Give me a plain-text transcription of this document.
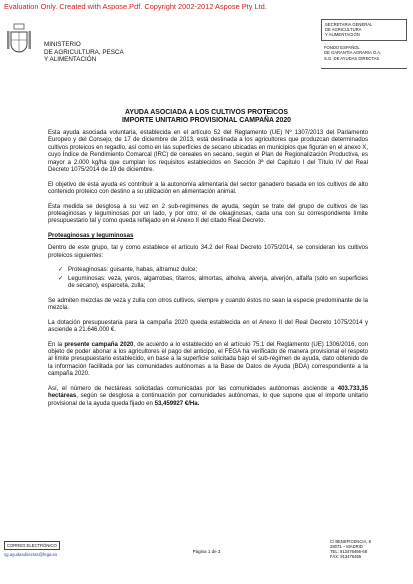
Evaluation Only. Created with Aspose.Pdf. Copyright 2002-2012 Aspose Pty Ltd.
MINISTERIO
DE AGRICULTURA, PESCA
Y ALIMENTACIÓN
SECRETARIA GENERAL
DE AGRICULTURA
Y ALIMENTACIÓN
FONDO ESPAÑOL
DE GARANTÍA AGRARIA O.A.
S.G. DE AYUDAS DIRECTAS
AYUDA ASOCIADA A LOS CULTIVOS PROTEICOS
IMPORTE UNITARIO PROVISIONAL CAMPAÑA 2020

Esta ayuda asociada voluntaria, establecida en el artículo 52 del Reglamento (UE) Nº 1307/2013 del Parlamento Europeo y del Consejo, de 17 de diciembre de 2013, está destinada a los agricultores que produzcan determinados cultivos proteicos en regadío, así como en las superficies de secano ubicadas en municipios que figuran en el anexo X, cuyo Índice de Rendimiento Comarcal (IRC) de cereales en secano, según el Plan de Regionalización Productiva, es mayor a 2.000 kg/ha que cumplan los requisitos establecidos en Sección 3ª del Capítulo I del Título IV del Real Decreto 1075/2014 de 19 de diciembre.

El objetivo de esta ayuda es contribuir a la autonomía alimentaria del sector ganadero basada en los cultivos de alto contenido proteico con destino a su utilización en alimentación animal.

Esta medida se desglosa a su vez en 2 sub-regímenes de ayuda, según se trate del grupo de cultivos de las proteaginosas y leguminosas por un lado, y por otro, el de oleaginosas, cada una con su correspondiente límite presupuestario tal y como queda reflejado en el Anexo II del citado Real Decreto.

Proteaginosas y leguminosas

Dentro de este grupo, tal y como establece el artículo 34.2 del Real Decreto 1075/2014, se consideran los cultivos proteicos siguientes:

✓ Proteaginosas: guisante, habas, altramuz dulce;
✓ Leguminosas: veza, yeros, algarrobas, titarros, almortas, alholva, alverja, alverjón, alfalfa (sólo en superficies de secano), esparceta, zulla;

Se admiten mezclas de veza y zulla con otros cultivos, siempre y cuando éstos no sean la especie predominante de la mezcla.

La dotación presupuestaria para la campaña 2020 queda establecida en el Anexo II del Real Decreto 1075/2014 y asciende a 21.646.000 €.

En la presente campaña 2020, de acuerdo a lo establecido en el artículo 75.1 del Reglamento (UE) 1306/2016, con objeto de poder abonar a los agricultores el pago del anticipo, el FEGA ha verificado de manera provisional el respeto al límite presupuestario establecido, en base a la superficie solicitada bajo el sub-régimen de ayuda, dato obtenido de la información facilitada por las comunidades autónomas a la Base de Datos de Ayuda (BDA) correspondiente a la campaña 2020.

Así, el número de hectáreas solicitadas comunicadas por las comunidades autónomas asciende a 403.733,35 hectáreas, según se desglosa a continuación por comunidades autónomas, lo que supone que el importe unitario provisional de la ayuda queda fijado en 53,459927 €/Ha.

CORREO ELECTRÓNICO
sg.ayudasdirectas@fega.es
Página 1 de 3
C/ BENEFICENCIA, 8
28071 – MADRID
TEL: 913476466-68
FAX: 913476465
